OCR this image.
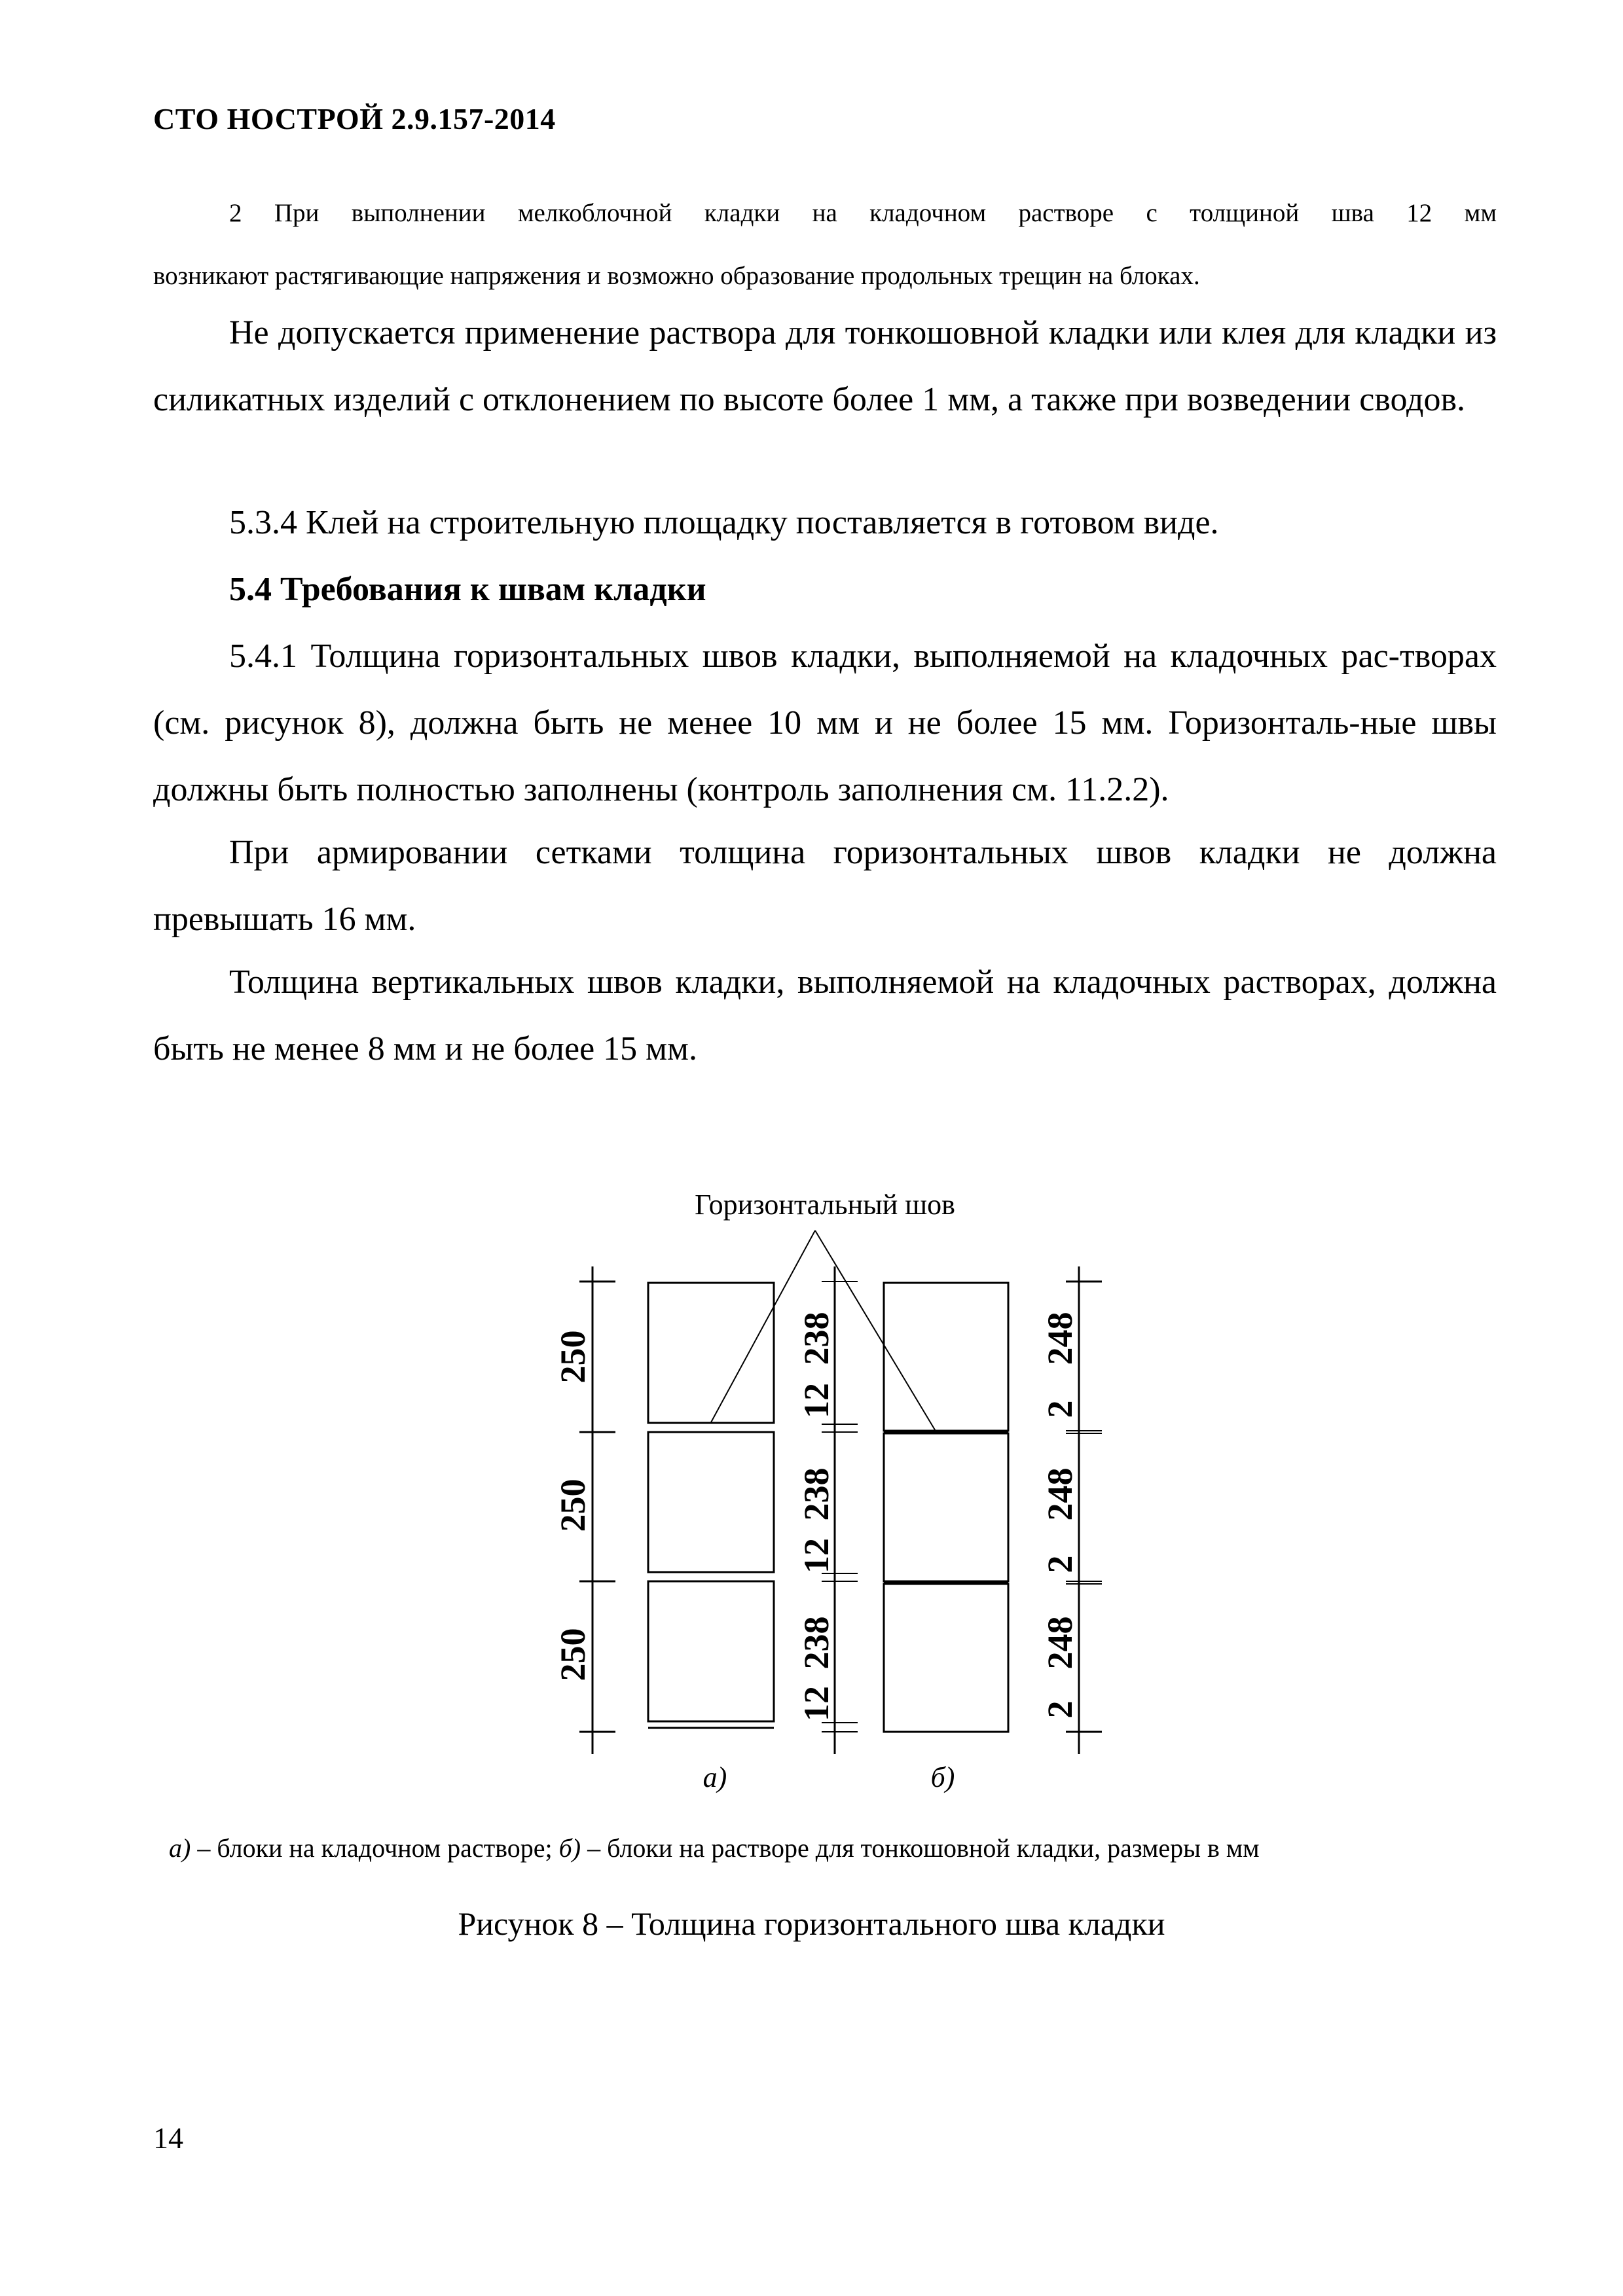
СТО НОСТРОЙ 2.9.157-2014
2 При выполнении мелкоблочной кладки на кладочном растворе с толщиной шва 12 мм
возникают растягивающие напряжения и возможно образование продольных трещин на блоках.
Не допускается применение раствора для тонкошовной кладки или клея для кладки из силикатных изделий с отклонением по высоте более 1 мм, а также при возведении сводов.
5.3.4 Клей на строительную площадку поставляется в готовом виде.
5.4 Требования к швам кладки
5.4.1 Толщина горизонтальных швов кладки, выполняемой на кладочных рас-творах (см. рисунок 8), должна быть не менее 10 мм и не более 15 мм. Горизонталь-ные швы должны быть полностью заполнены (контроль заполнения см. 11.2.2).
При армировании сетками толщина горизонтальных швов кладки не должна превышать 16 мм.
Толщина вертикальных швов кладки, выполняемой на кладочных растворах, должна быть не менее 8 мм и не более 15 мм.
Горизонтальный шов
250
250
250
238
12
238
12
238
12
248
2
248
2
248
2
а)	б)
а) – блоки на кладочном растворе; б) – блоки на растворе для тонкошовной кладки, размеры в мм
Рисунок 8 – Толщина горизонтального шва кладки
14
